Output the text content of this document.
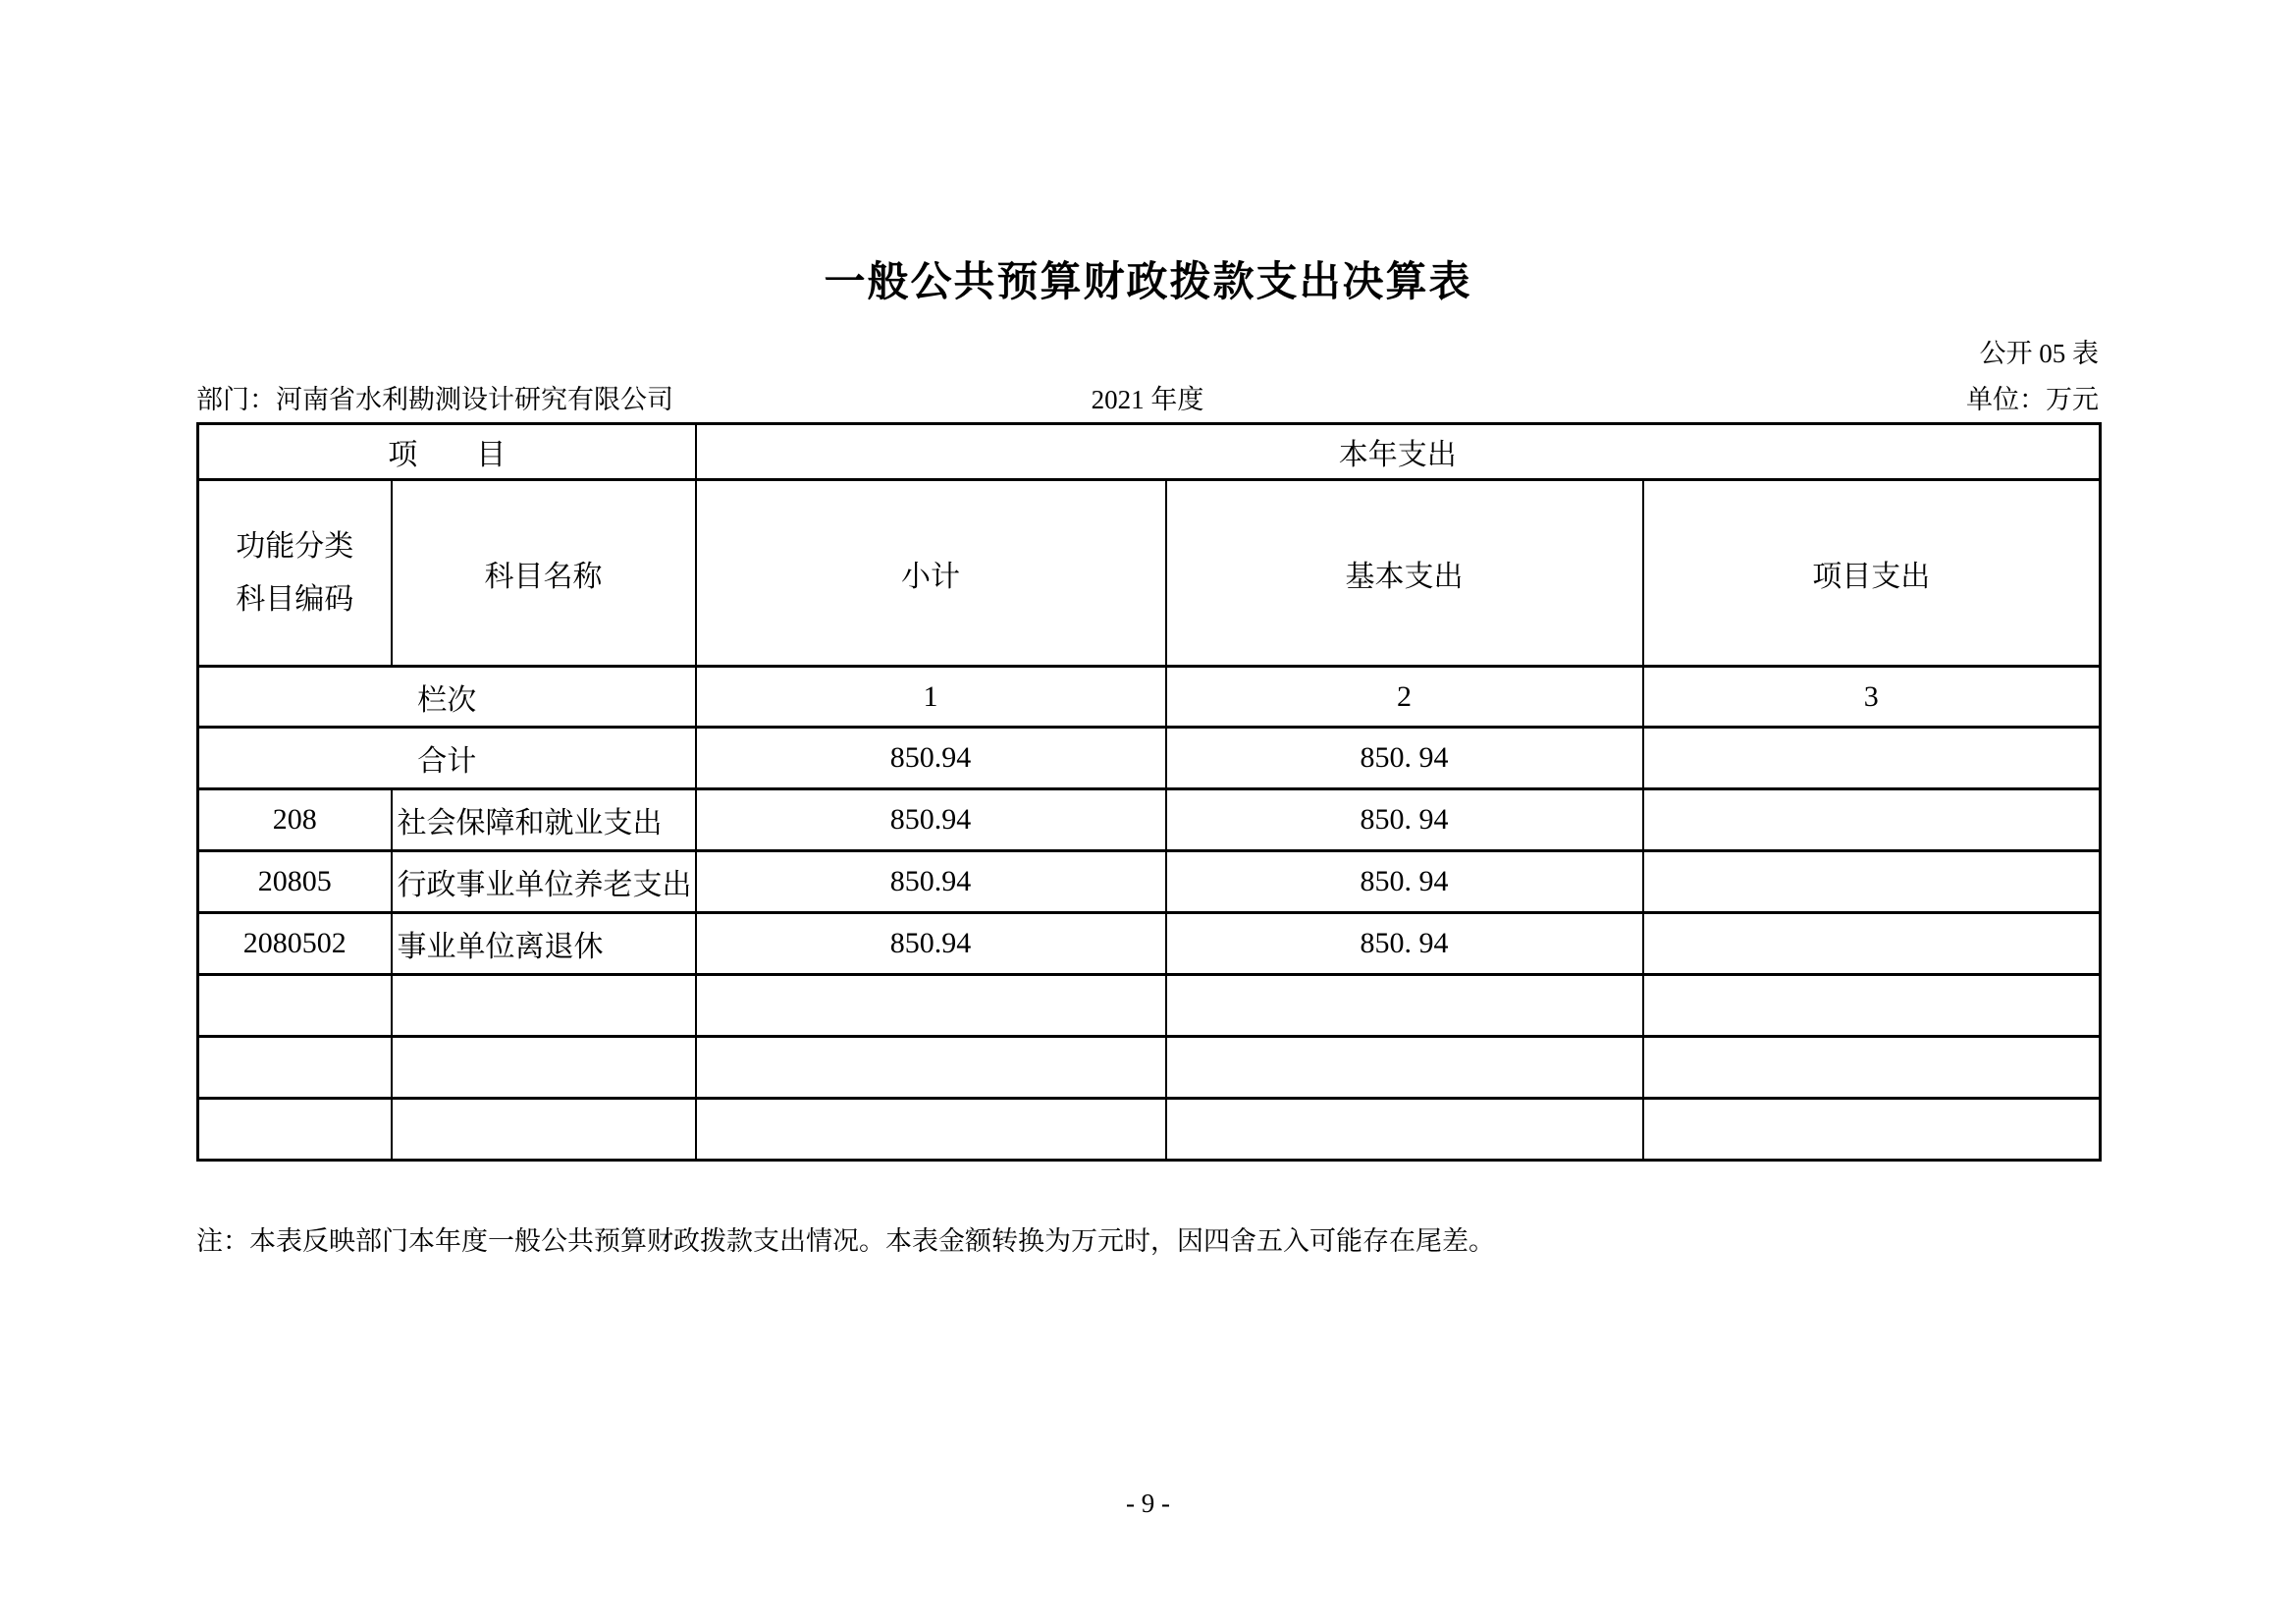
一般公共预算财政拨款支出决算表
公开 05 表
部门：河南省水利勘测设计研究有限公司	2021 年度	单位：万元
项　　目		本年支出		

功能分类
科目编码	科目名称	小计	基本支出	项目支出
栏次		1	2	3
合计		850.94	850. 94	
208	社会保障和就业支出	850.94	850. 94	
20805	行政事业单位养老支出	850.94	850. 94	
2080502	事业单位离退休	850.94	850. 94	

注：本表反映部门本年度一般公共预算财政拨款支出情况。本表金额转换为万元时，因四舍五入可能存在尾差。
- 9 -
